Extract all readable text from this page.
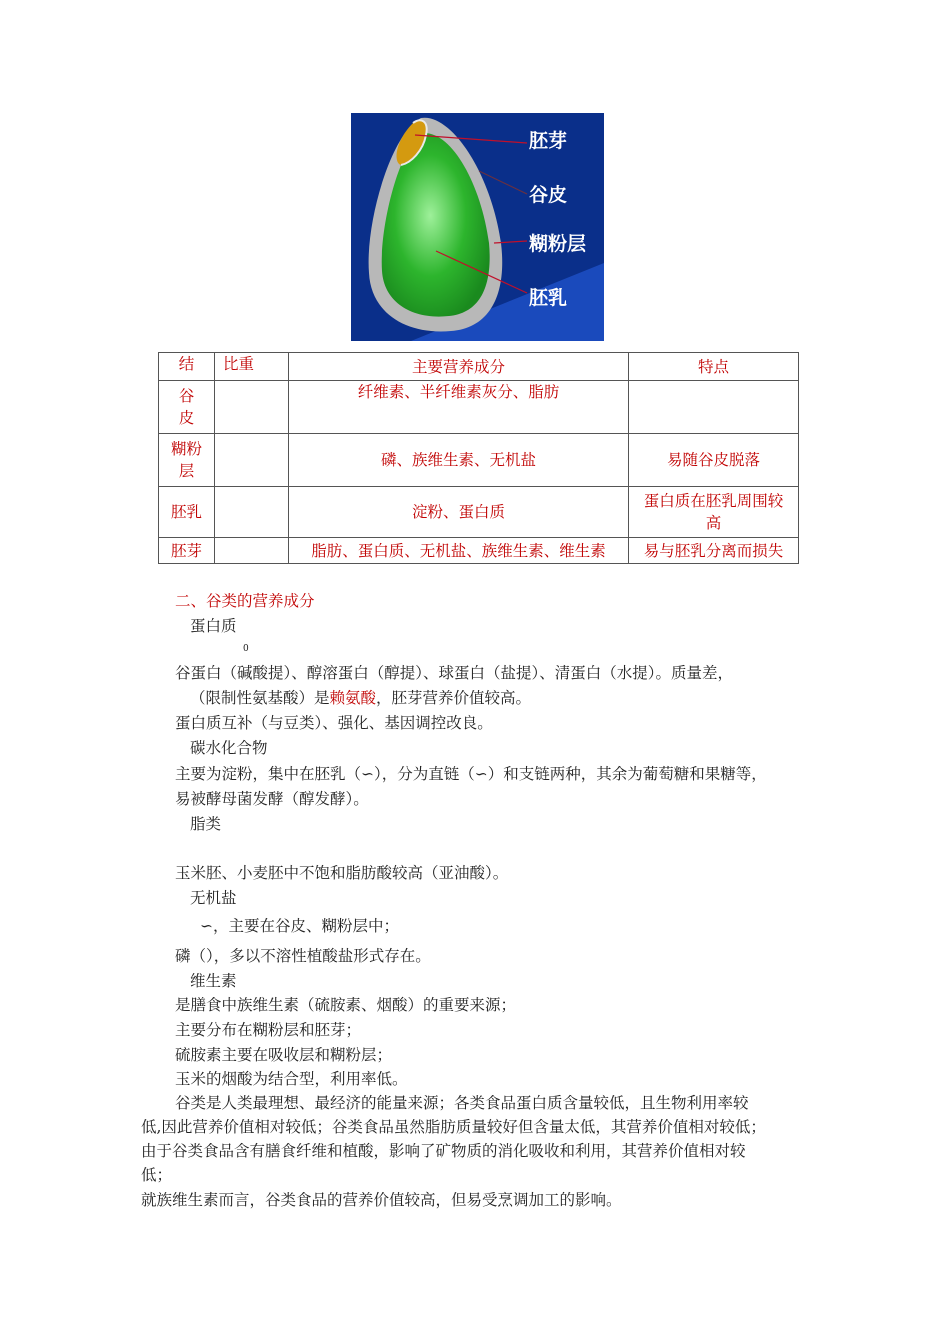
胚芽
谷皮
糊粉层
胚乳
结	比重	主要营养成分	特点
谷
皮		纤维素、半纤维素灰分、脂肪	
糊粉
层		磷、族维生素、无机盐	易随谷皮脱落
胚乳		淀粉、蛋白质	蛋白质在胚乳周围较
高
胚芽		脂肪、蛋白质、无机盐、族维生素、维生素	易与胚乳分离而损失
二、谷类的营养成分
蛋白质
0
谷蛋白（碱酸提）、醇溶蛋白（醇提）、球蛋白（盐提）、清蛋白（水提）。质量差，
（限制性氨基酸）是赖氨酸，胚芽营养价值较高。
蛋白质互补（与豆类）、强化、基因调控改良。
碳水化合物
主要为淀粉，集中在胚乳（∽），分为直链（∽）和支链两种，其余为葡萄糖和果糖等，
易被酵母菌发酵（醇发酵）。
脂类
玉米胚、小麦胚中不饱和脂肪酸较高（亚油酸）。
无机盐
∽，主要在谷皮、糊粉层中；
磷（），多以不溶性植酸盐形式存在。
维生素
是膳食中族维生素（硫胺素、烟酸）的重要来源；
主要分布在糊粉层和胚芽；
硫胺素主要在吸收层和糊粉层；
玉米的烟酸为结合型，利用率低。
谷类是人类最理想、最经济的能量来源；各类食品蛋白质含量较低，且生物利用率较
低,因此营养价值相对较低；谷类食品虽然脂肪质量较好但含量太低，其营养价值相对较低；
由于谷类食品含有膳食纤维和植酸，影响了矿物质的消化吸收和利用，其营养价值相对较
低；
就族维生素而言，谷类食品的营养价值较高，但易受烹调加工的影响。
